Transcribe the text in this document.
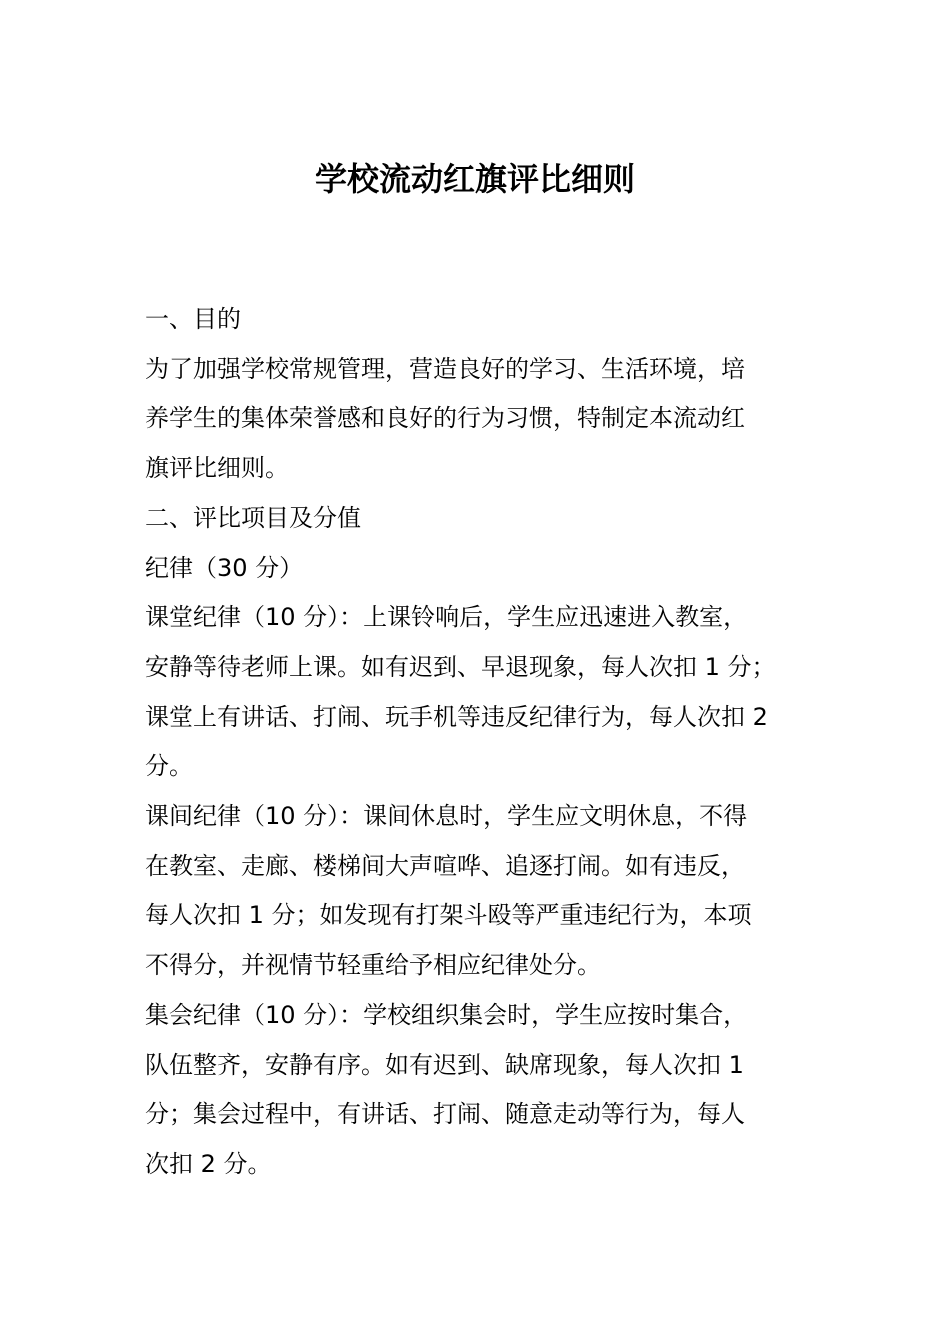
学校流动红旗评比细则
一、目的
为了加强学校常规管理，营造良好的学习、生活环境，培
养学生的集体荣誉感和良好的行为习惯，特制定本流动红
旗评比细则。
二、评比项目及分值
纪律（30 分）
课堂纪律（10 分）：上课铃响后，学生应迅速进入教室，
安静等待老师上课。如有迟到、早退现象，每人次扣 1 分；
课堂上有讲话、打闹、玩手机等违反纪律行为，每人次扣 2
分。
课间纪律（10 分）：课间休息时，学生应文明休息，不得
在教室、走廊、楼梯间大声喧哗、追逐打闹。如有违反，
每人次扣 1 分；如发现有打架斗殴等严重违纪行为，本项
不得分，并视情节轻重给予相应纪律处分。
集会纪律（10 分）：学校组织集会时，学生应按时集合，
队伍整齐，安静有序。如有迟到、缺席现象，每人次扣 1
分；集会过程中，有讲话、打闹、随意走动等行为，每人
次扣 2 分。
